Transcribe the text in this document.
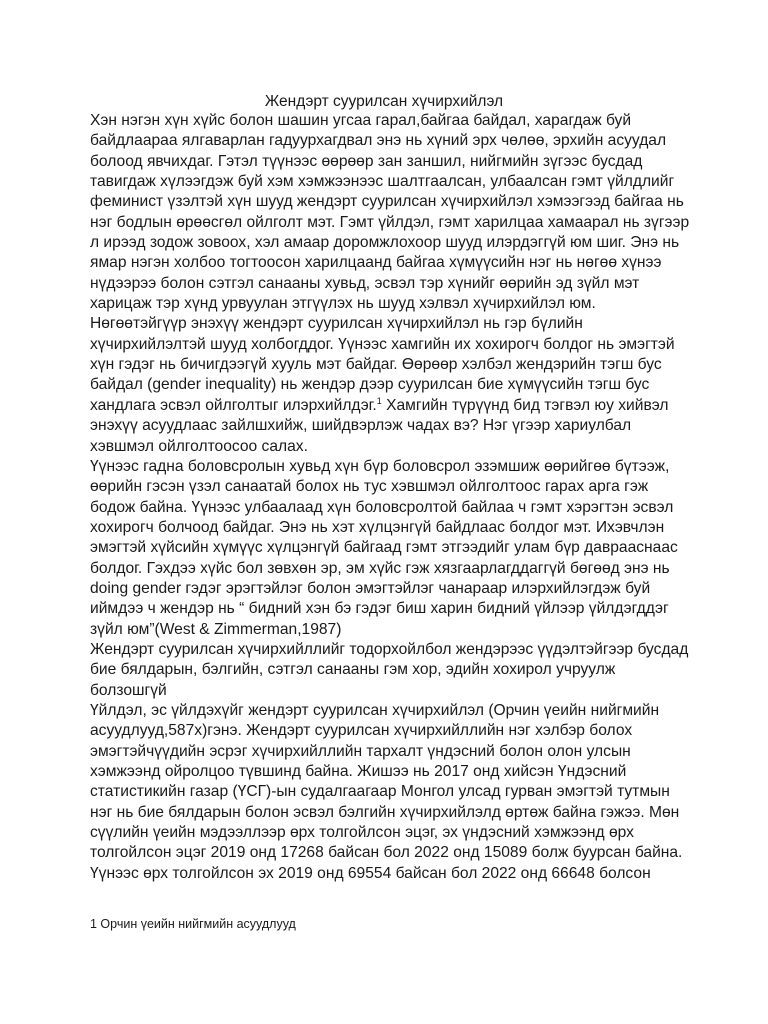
Жендэрт суурилсан хүчирхийлэл
Хэн нэгэн хүн хүйс болон шашин угсаа гарал,байгаа байдал, харагдаж буй
байдлаараа ялгаварлан гадуурхагдвал энэ нь хүний эрх чөлөө, эрхийн асуудал
болоод явчихдаг. Гэтэл түүнээс өөрөөр зан заншил, нийгмийн зүгээс бусдад
тавигдаж хүлээгдэж буй хэм хэмжээнээс шалтгаалсан, улбаалсан гэмт үйлдлийг
феминист үзэлтэй хүн шууд жендэрт суурилсан хүчирхийлэл хэмээгээд байгаа нь
нэг бодлын өрөөсгөл ойлголт мэт. Гэмт үйлдэл, гэмт харилцаа хамаарал нь зүгээр
л ирээд зодож зовоох, хэл амаар доромжлохоор шууд илэрдэггүй юм шиг. Энэ нь
ямар нэгэн холбоо тогтоосон харилцаанд байгаа хүмүүсийн нэг нь нөгөө хүнээ
нүдээрээ болон сэтгэл санааны хувьд, эсвэл тэр хүнийг өөрийн эд зүйл мэт
харицаж тэр хүнд урвуулан этгүүлэх нь шууд хэлвэл хүчирхийлэл юм.
Нөгөөтэйгүүр энэхүү жендэрт суурилсан хүчирхийлэл нь гэр бүлийн
хүчирхийлэлтэй шууд холбогддог. Үүнээс хамгийн их хохирогч болдог нь эмэгтэй
хүн гэдэг нь бичигдээгүй хууль мэт байдаг. Өөрөөр хэлбэл жендэрийн тэгш бус
байдал (gender inequality) нь жендэр дээр суурилсан бие хүмүүсийн тэгш бус
хандлага эсвэл ойлголтыг илэрхийлдэг.$^1$ Хамгийн түрүүнд бид тэгвэл юу хийвэл
энэхүү асуудлаас зайлшхийж, шийдвэрлэж чадах вэ? Нэг үгээр хариулбал
хэвшмэл ойлголтоосоо салах.
Үүнээс гадна боловсролын хувьд хүн бүр боловсрол эзэмшиж өөрийгөө бүтээж,
өөрийн гэсэн үзэл санаатай болох нь тус хэвшмэл ойлголтоос гарах арга гэж
бодож байна. Үүнээс улбаалаад хүн боловсролтой байлаа ч гэмт хэрэгтэн эсвэл
хохирогч болчоод байдаг. Энэ нь хэт хүлцэнгүй байдлаас болдог мэт. Ихэвчлэн
эмэгтэй хүйсийн хүмүүс хүлцэнгүй байгаад гэмт этгээдийг улам бүр даврааснаас
болдог. Гэхдээ хүйс бол зөвхөн эр, эм хүйс гэж хязгаарлагддаггүй бөгөөд энэ нь
doing gender гэдэг эрэгтэйлэг болон эмэгтэйлэг чанараар илэрхийлэгдэж буй
иймдээ ч жендэр нь “ бидний хэн бэ гэдэг биш харин бидний үйлээр үйлдэгддэг
зүйл юм”(West & Zimmerman,1987)
Жендэрт суурилсан хүчирхийллийг тодорхойлбол жендэрээс үүдэлтэйгээр бусдад
бие бялдарын, бэлгийн, сэтгэл санааны гэм хор, эдийн хохирол учруулж
болзошгүй
Үйлдэл, эс үйлдэхүйг жендэрт суурилсан хүчирхийлэл (Орчин үеийн нийгмийн
асуудлууд,587х)гэнэ. Жендэрт суурилсан хүчирхийллийн нэг хэлбэр болох
эмэгтэйчүүдийн эсрэг хүчирхийллийн тархалт үндэсний болон олон улсын
хэмжээнд ойролцоо түвшинд байна. Жишээ нь 2017 онд хийсэн Үндэсний
статистикийн газар (ҮСГ)-ын судалгаагаар Монгол улсад гурван эмэгтэй тутмын
нэг нь бие бялдарын болон эсвэл бэлгийн хүчирхийлэлд өртөж байна гэжээ. Мөн
сүүлийн үеийн мэдээллээр өрх толгойлсон эцэг, эх үндэсний хэмжээнд өрх
толгойлсон эцэг 2019 онд 17268 байсан бол 2022 онд 15089 болж буурсан байна.
Үүнээс өрх толгойлсон эх 2019 онд 69554 байсан бол 2022 онд 66648 болсон
1 Орчин үеийн нийгмийн асуудлууд
